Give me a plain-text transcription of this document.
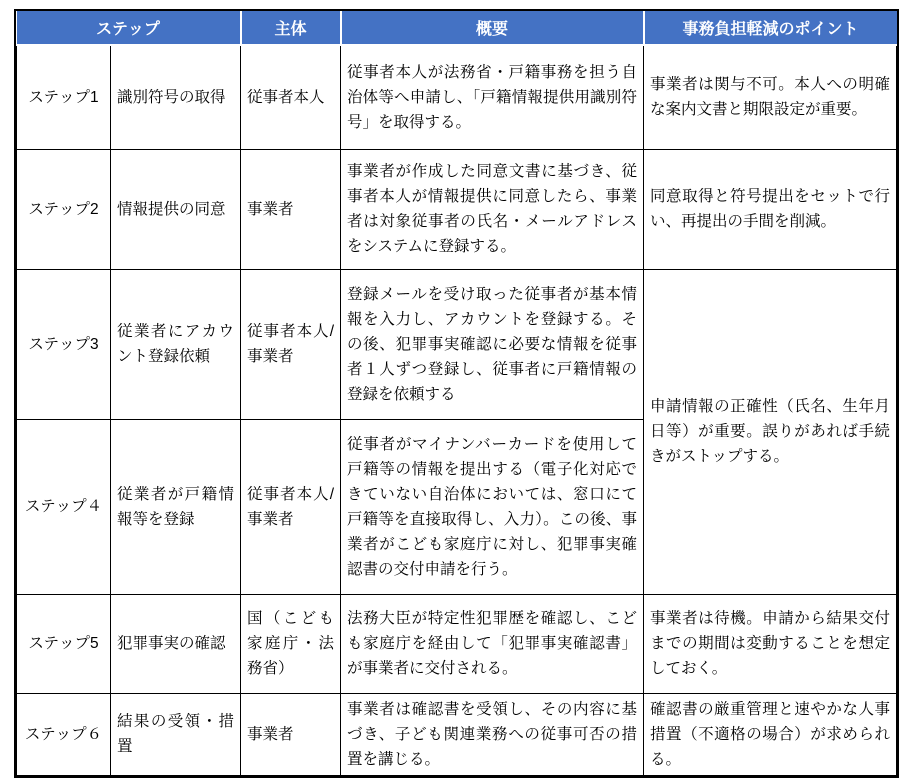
ステップ		主体	概要	事務負担軽減のポイント
ステップ1	識別符号の取得	従事者本人	従事者本人が法務省・戸籍事務を担う自治体等へ申請し、「戸籍情報提供用識別符号」を取得する。	事業者は関与不可。本人への明確な案内文書と期限設定が重要。
ステップ2	情報提供の同意	事業者	事業者が作成した同意文書に基づき、従事者本人が情報提供に同意したら、事業者は対象従事者の氏名・メールアドレスをシステムに登録する。	同意取得と符号提出をセットで行い、再提出の手間を削減。
ステップ3	従業者にアカウント登録依頼	従事者本人/事業者	登録メールを受け取った従事者が基本情報を入力し、アカウントを登録する。その後、犯罪事実確認に必要な情報を従事者１人ずつ登録し、従事者に戸籍情報の登録を依頼する	申請情報の正確性（氏名、生年月日等）が重要。誤りがあれば手続きがストップする。
ステップ４	従業者が戸籍情報等を登録	従事者本人/事業者	従事者がマイナンバーカードを使用して戸籍等の情報を提出する（電子化対応できていない自治体においては、窓口にて戸籍等を直接取得し、入力）。この後、事業者がこども家庭庁に対し、犯罪事実確認書の交付申請を行う。	
ステップ5	犯罪事実の確認	国（こども家庭庁・法務省）	法務大臣が特定性犯罪歴を確認し、こども家庭庁を経由して「犯罪事実確認書」が事業者に交付される。	事業者は待機。申請から結果交付までの期間は変動することを想定しておく。
ステップ６	結果の受領・措置	事業者	事業者は確認書を受領し、その内容に基づき、子ども関連業務への従事可否の措置を講じる。	確認書の厳重管理と速やかな人事措置（不適格の場合）が求められる。
